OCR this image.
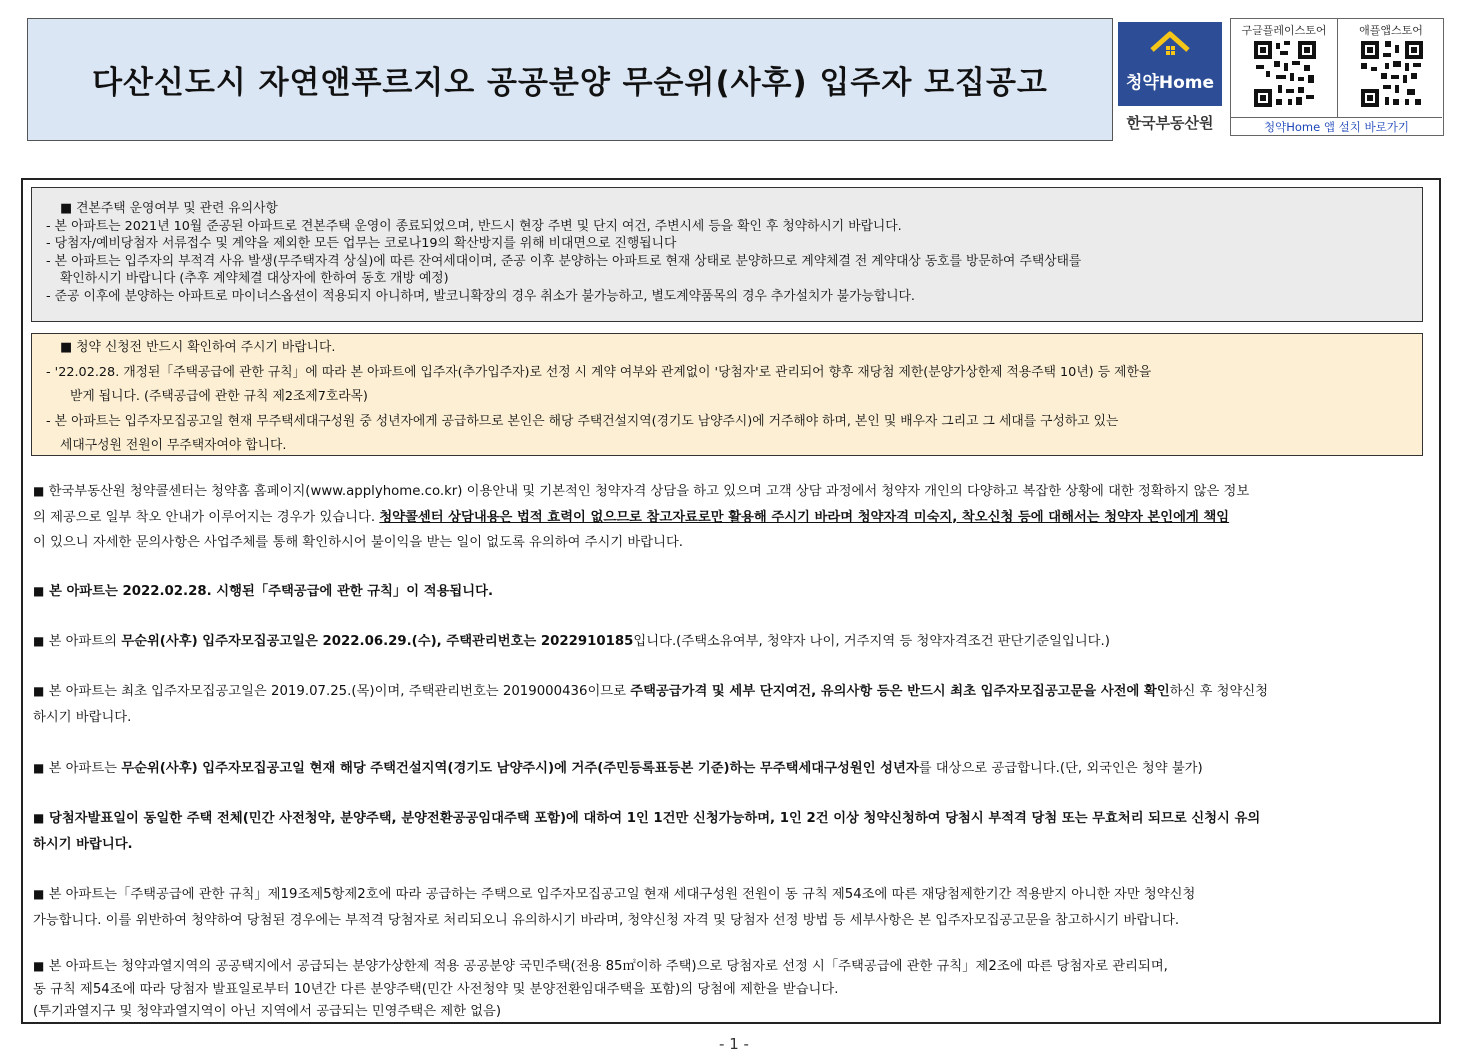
다산신도시 자연앤푸르지오 공공분양 무순위(사후) 입주자 모집공고	청약Home
한국부동산원
구글플레이스토어	애플앱스토어
청약Home 앱 설치 바로가기

■ 견본주택 운영여부 및 관련 유의사항

- 본 아파트는 2021년 10월 준공된 아파트로 견본주택 운영이 종료되었으며, 반드시 현장 주변 및 단지 여건, 주변시세 등을 확인 후 청약하시기 바랍니다.

- 당첨자/예비당첨자 서류접수 및 계약을 제외한 모든 업무는 코로나19의 확산방지를 위해 비대면으로 진행됩니다

- 본 아파트는 입주자의 부적격 사유 발생(무주택자격 상실)에 따른 잔여세대이며, 준공 이후 분양하는 아파트로 현재 상태로 분양하므로 계약체결 전 계약대상 동호를 방문하여 주택상태를

확인하시기 바랍니다 (추후 계약체결 대상자에 한하여 동호 개방 예정)

- 준공 이후에 분양하는 아파트로 마이너스옵션이 적용되지 아니하며, 발코니확장의 경우 취소가 불가능하고, 별도계약품목의 경우 추가설치가 불가능합니다.

■ 청약 신청전 반드시 확인하여 주시기 바랍니다.

- '22.02.28. 개정된「주택공급에 관한 규칙」에 따라 본 아파트에 입주자(추가입주자)로 선정 시 계약 여부와 관계없이 '당첨자'로 관리되어 향후 재당첨 제한(분양가상한제 적용주택 10년) 등 제한을

받게 됩니다. (주택공급에 관한 규칙 제2조제7호라목)

- 본 아파트는 입주자모집공고일 현재 무주택세대구성원 중 성년자에게 공급하므로 본인은 해당 주택건설지역(경기도 남양주시)에 거주해야 하며, 본인 및 배우자 그리고 그 세대를 구성하고 있는

세대구성원 전원이 무주택자여야 합니다.

■ 한국부동산원 청약콜센터는 청약홈 홈페이지(www.applyhome.co.kr) 이용안내 및 기본적인 청약자격 상담을 하고 있으며 고객 상담 과정에서 청약자 개인의 다양하고 복잡한 상황에 대한 정확하지 않은 정보

의 제공으로 일부 착오 안내가 이루어지는 경우가 있습니다. 청약콜센터 상담내용은 법적 효력이 없으므로 참고자료로만 활용해 주시기 바라며 청약자격 미숙지, 착오신청 등에 대해서는 청약자 본인에게 책임

이 있으니 자세한 문의사항은 사업주체를 통해 확인하시어 불이익을 받는 일이 없도록 유의하여 주시기 바랍니다.

■ 본 아파트는 2022.02.28. 시행된「주택공급에 관한 규칙」이 적용됩니다.

■ 본 아파트의 무순위(사후) 입주자모집공고일은 2022.06.29.(수), 주택관리번호는 2022910185입니다.(주택소유여부, 청약자 나이, 거주지역 등 청약자격조건 판단기준일입니다.)

■ 본 아파트는 최초 입주자모집공고일은 2019.07.25.(목)이며, 주택관리번호는 2019000436이므로 주택공급가격 및 세부 단지여건, 유의사항 등은 반드시 최초 입주자모집공고문을 사전에 확인하신 후 청약신청

하시기 바랍니다.

■ 본 아파트는 무순위(사후) 입주자모집공고일 현재 해당 주택건설지역(경기도 남양주시)에 거주(주민등록표등본 기준)하는 무주택세대구성원인 성년자를 대상으로 공급합니다.(단, 외국인은 청약 불가)

■ 당첨자발표일이 동일한 주택 전체(민간 사전청약, 분양주택, 분양전환공공임대주택 포함)에 대하여 1인 1건만 신청가능하며, 1인 2건 이상 청약신청하여 당첨시 부적격 당첨 또는 무효처리 되므로 신청시 유의

하시기 바랍니다.

■ 본 아파트는「주택공급에 관한 규칙」제19조제5항제2호에 따라 공급하는 주택으로 입주자모집공고일 현재 세대구성원 전원이 동 규칙 제54조에 따른 재당첨제한기간 적용받지 아니한 자만 청약신청

가능합니다. 이를 위반하여 청약하여 당첨된 경우에는 부적격 당첨자로 처리되오니 유의하시기 바라며, 청약신청 자격 및 당첨자 선정 방법 등 세부사항은 본 입주자모집공고문을 참고하시기 바랍니다.

■ 본 아파트는 청약과열지역의 공공택지에서 공급되는 분양가상한제 적용 공공분양 국민주택(전용 85㎡이하 주택)으로 당첨자로 선정 시「주택공급에 관한 규칙」제2조에 따른 당첨자로 관리되며,

동 규칙 제54조에 따라 당첨자 발표일로부터 10년간 다른 분양주택(민간 사전청약 및 분양전환임대주택을 포함)의 당첨에 제한을 받습니다.

(투기과열지구 및 청약과열지역이 아닌 지역에서 공급되는 민영주택은 제한 없음)

- 1 -
